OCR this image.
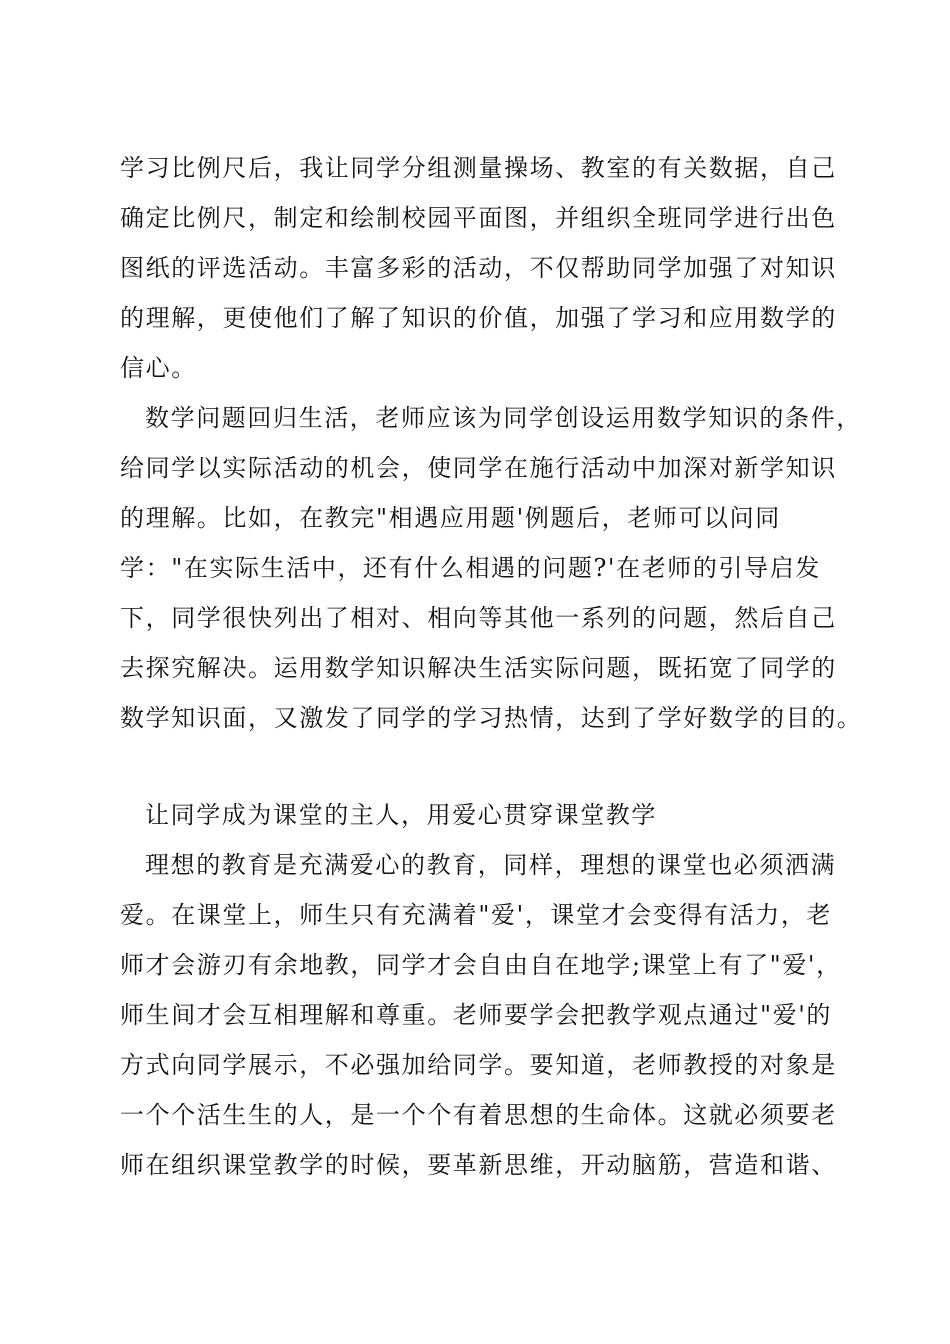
学习比例尺后，我让同学分组测量操场、教室的有关数据，自己
确定比例尺，制定和绘制校园平面图，并组织全班同学进行出色
图纸的评选活动。丰富多彩的活动，不仅帮助同学加强了对知识
的理解，更使他们了解了知识的价值，加强了学习和应用数学的
信心。
数学问题回归生活，老师应该为同学创设运用数学知识的条件，
给同学以实际活动的机会，使同学在施行活动中加深对新学知识
的理解。比如，在教完"相遇应用题'例题后，老师可以问同
学："在实际生活中，还有什么相遇的问题?'在老师的引导启发
下，同学很快列出了相对、相向等其他一系列的问题，然后自己
去探究解决。运用数学知识解决生活实际问题，既拓宽了同学的
数学知识面，又激发了同学的学习热情，达到了学好数学的目的。
让同学成为课堂的主人，用爱心贯穿课堂教学
理想的教育是充满爱心的教育，同样，理想的课堂也必须洒满
爱。在课堂上，师生只有充满着"爱'，课堂才会变得有活力，老
师才会游刃有余地教，同学才会自由自在地学;课堂上有了"爱'，
师生间才会互相理解和尊重。老师要学会把教学观点通过"爱'的
方式向同学展示，不必强加给同学。要知道，老师教授的对象是
一个个活生生的人，是一个个有着思想的生命体。这就必须要老
师在组织课堂教学的时候，要革新思维，开动脑筋，营造和谐、
